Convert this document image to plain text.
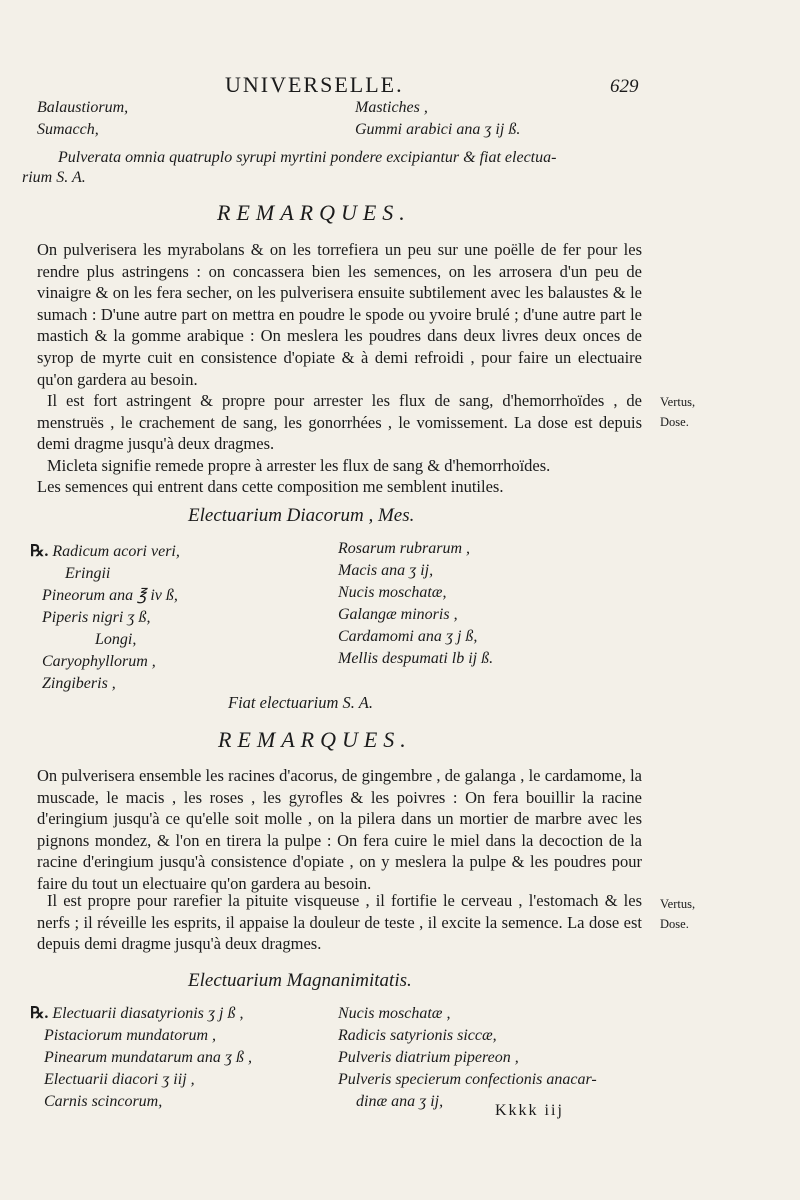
UNIVERSELLE.	629
Balaustiorum,
Sumacch,
Mastiches ,
Gummi arabici ana ʒ ij ß.
Pulverata omnia quatruplo syrupi myrtini pondere excipiantur & fiat electua-
rium S. A.
REMARQUES.
On pulverisera les myrabolans & on les torrefiera un peu sur une poëlle de fer pour les rendre plus astringens : on concassera bien les semences, on les arrosera d'un peu de vinaigre & on les fera secher, on les pulverisera ensuite subtilement avec les balaustes & le sumach : D'une autre part on mettra en poudre le spode ou yvoire brulé ; d'une autre part le mastich & la gomme arabique : On meslera les poudres dans deux livres deux onces de syrop de myrte cuit en consistence d'opiate & à demi refroidi , pour faire un electuaire qu'on gardera au besoin.
Il est fort astringent & propre pour arrester les flux de sang, d'hemorrhoïdes , de menstruës , le crachement de sang, les gonorrhées , le vomissement. La dose est depuis demi dragme jusqu'à deux dragmes.
Micleta signifie remede propre à arrester les flux de sang & d'hemorrhoïdes.
Les semences qui entrent dans cette composition me semblent inutiles.
Vertus,
Dose.
Electuarium Diacorum , Mes.
℞. Radicum acori veri,
Eringii
Pineorum ana ℥ iv ß,
Piperis nigri ʒ ß,
Longi,
Caryophyllorum ,
Zingiberis ,
Rosarum rubrarum ,
Macis ana ʒ ij,
Nucis moschatæ,
Galangæ minoris ,
Cardamomi ana ʒ j ß,
Mellis despumati lb ij ß.
Fiat electuarium S. A.
REMARQUES.
On pulverisera ensemble les racines d'acorus, de gingembre , de galanga , le cardamome, la muscade, le macis , les roses , les gyrofles & les poivres : On fera bouillir la racine d'eringium jusqu'à ce qu'elle soit molle , on la pilera dans un mortier de marbre avec les pignons mondez, & l'on en tirera la pulpe : On fera cuire le miel dans la decoction de la racine d'eringium jusqu'à consistence d'opiate , on y meslera la pulpe & les poudres pour faire du tout un electuaire qu'on gardera au besoin.
Il est propre pour rarefier la pituite visqueuse , il fortifie le cerveau , l'estomach & les nerfs ; il réveille les esprits, il appaise la douleur de teste , il excite la semence. La dose est depuis demi dragme jusqu'à deux dragmes.
Vertus,
Dose.
Electuarium Magnanimitatis.
℞. Electuarii diasatyrionis ʒ j ß ,
Pistaciorum mundatorum ,
Pinearum mundatarum ana ʒ ß ,
Electuarii diacori ʒ iij ,
Carnis scincorum,
Nucis moschatæ ,
Radicis satyrionis siccæ,
Pulveris diatrium pipereon ,
Pulveris specierum confectionis anacar-
dinæ ana ʒ ij,
Kkkk iij
